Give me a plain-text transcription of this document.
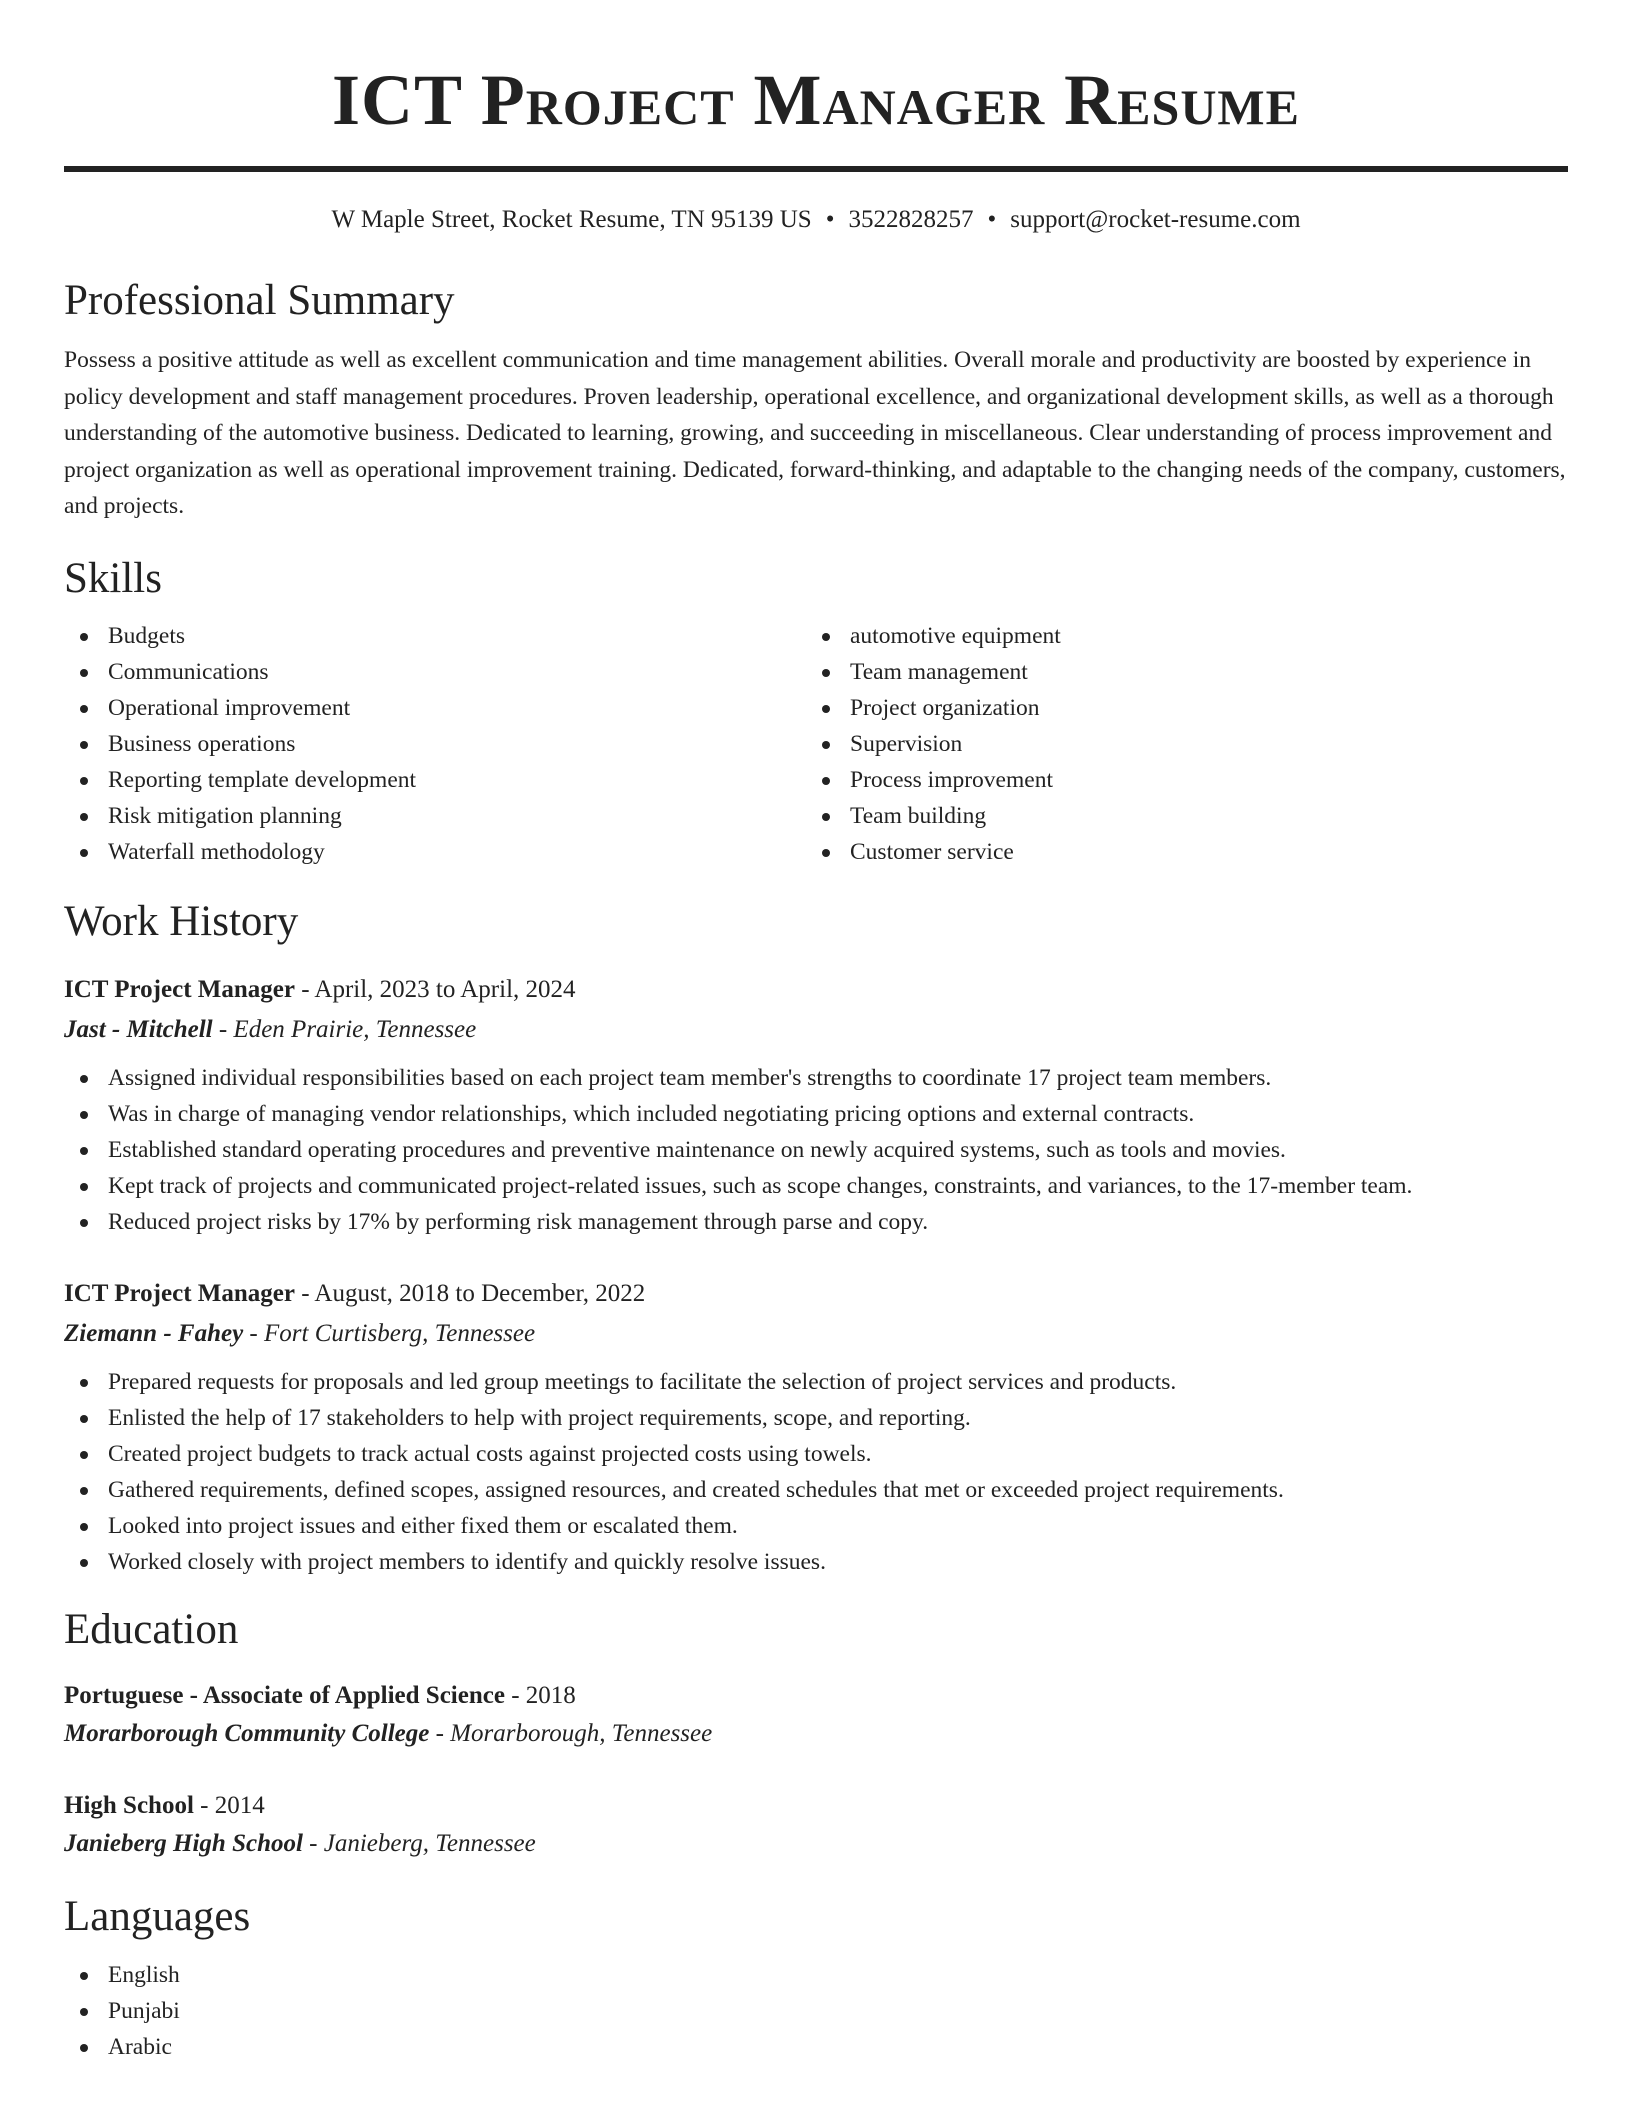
ICT Project Manager Resume
W Maple Street, Rocket Resume, TN 95139 US • 3522828257 • support@rocket-resume.com
Professional Summary

Possess a positive attitude as well as excellent communication and time management abilities. Overall morale and productivity are boosted by experience in policy development and staff management procedures. Proven leadership, operational excellence, and organizational development skills, as well as a thorough understanding of the automotive business. Dedicated to learning, growing, and succeeding in miscellaneous. Clear understanding of process improvement and project organization as well as operational improvement training. Dedicated, forward-thinking, and adaptable to the changing needs of the company, customers, and projects.

Skills
Budgets
Communications
Operational improvement
Business operations
Reporting template development
Risk mitigation planning
Waterfall methodology
automotive equipment
Team management
Project organization
Supervision
Process improvement
Team building
Customer service
Work History
ICT Project Manager - April, 2023 to April, 2024
Jast - Mitchell - Eden Prairie, Tennessee
Assigned individual responsibilities based on each project team member's strengths to coordinate 17 project team members.
Was in charge of managing vendor relationships, which included negotiating pricing options and external contracts.
Established standard operating procedures and preventive maintenance on newly acquired systems, such as tools and movies.
Kept track of projects and communicated project-related issues, such as scope changes, constraints, and variances, to the 17-member team.
Reduced project risks by 17% by performing risk management through parse and copy.
ICT Project Manager - August, 2018 to December, 2022
Ziemann - Fahey - Fort Curtisberg, Tennessee
Prepared requests for proposals and led group meetings to facilitate the selection of project services and products.
Enlisted the help of 17 stakeholders to help with project requirements, scope, and reporting.
Created project budgets to track actual costs against projected costs using towels.
Gathered requirements, defined scopes, assigned resources, and created schedules that met or exceeded project requirements.
Looked into project issues and either fixed them or escalated them.
Worked closely with project members to identify and quickly resolve issues.
Education
Portuguese - Associate of Applied Science - 2018
Morarborough Community College - Morarborough, Tennessee
High School - 2014
Janieberg High School - Janieberg, Tennessee
Languages
English
Punjabi
Arabic
